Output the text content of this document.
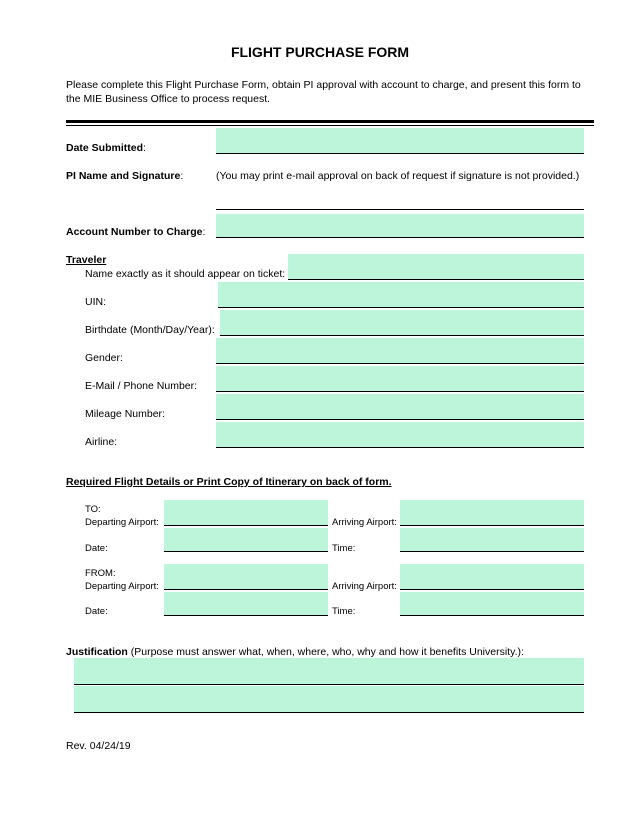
FLIGHT PURCHASE FORM
Please complete this Flight Purchase Form, obtain PI approval with account to charge, and present this form to the MIE Business Office to process request.
Date Submitted:
PI Name and Signature:	(You may print e-mail approval on back of request if signature is not provided.)
Account Number to Charge:
Traveler
Name exactly as it should appear on ticket:
UIN:
Birthdate (Month/Day/Year):
Gender:
E-Mail / Phone Number:
Mileage Number:
Airline:
Required Flight Details or Print Copy of Itinerary on back of form.
TO:
Departing Airport:	Arriving Airport:
Date:	Time:
FROM:
Departing Airport:	Arriving Airport:
Date:	Time:
Justification (Purpose must answer what, when, where, who, why and how it benefits University.):
Rev. 04/24/19
